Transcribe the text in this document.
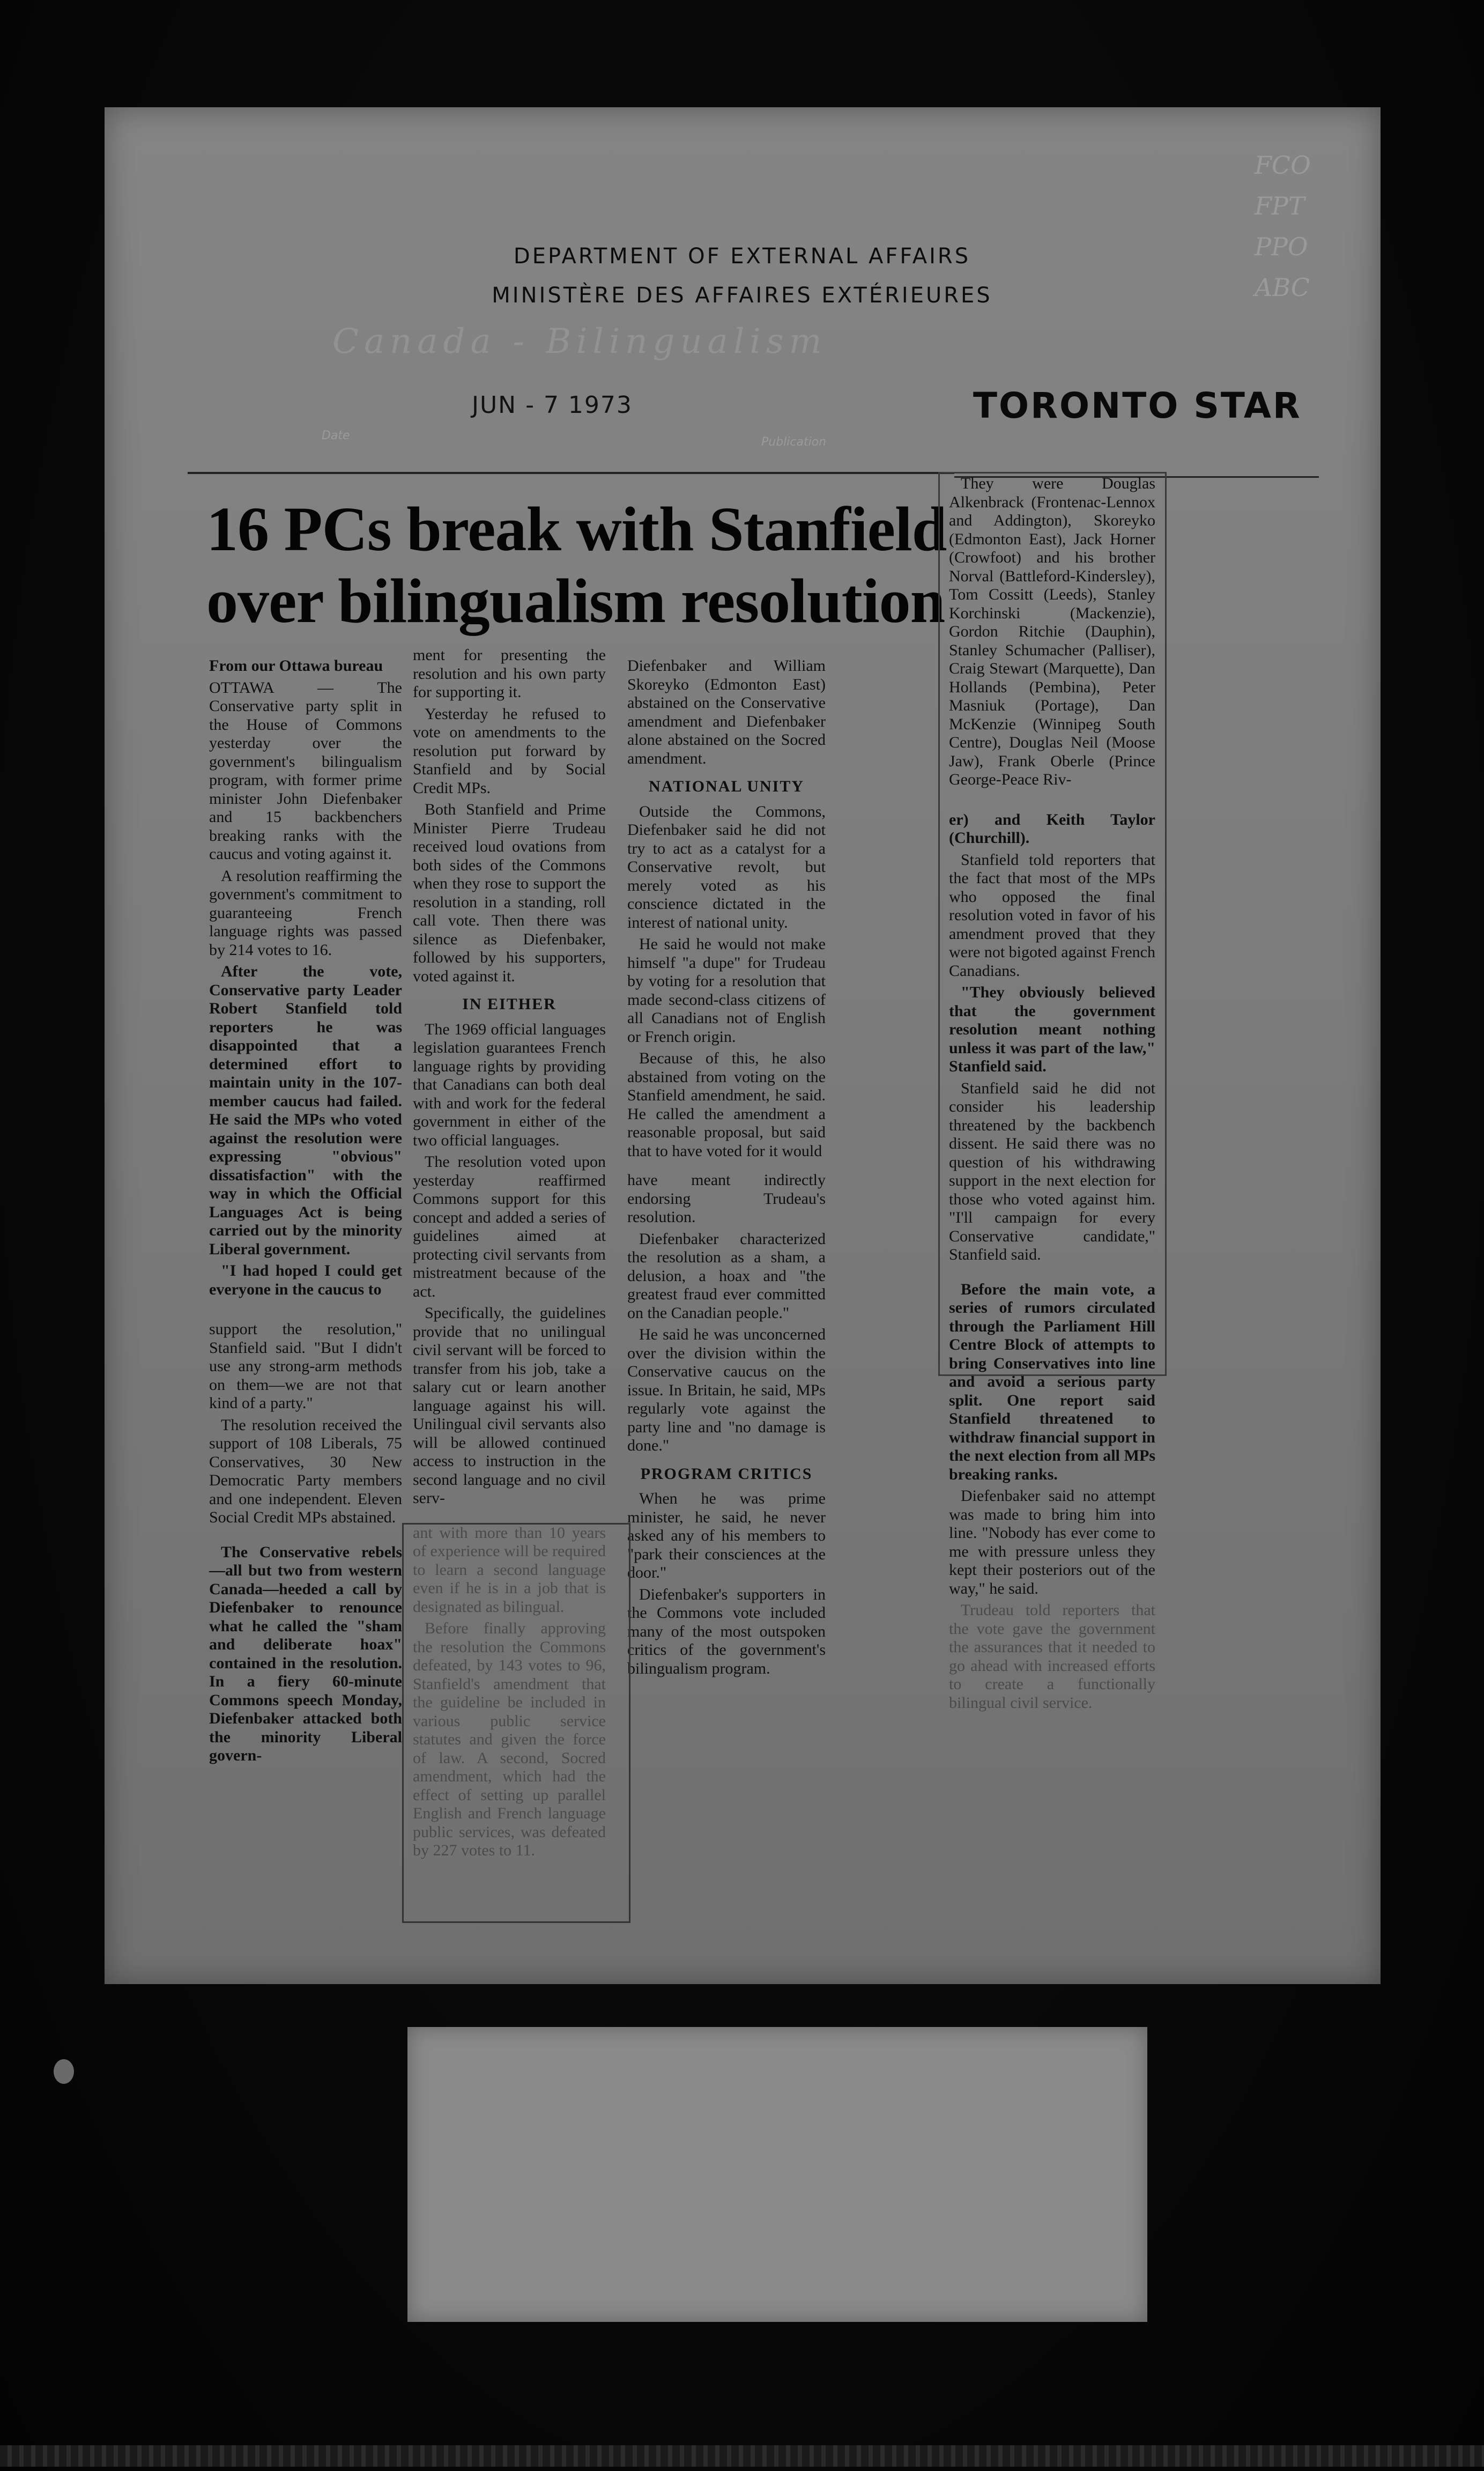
DEPARTMENT OF EXTERNAL AFFAIRS
MINISTÈRE DES AFFAIRES EXTÉRIEURES
Canada - Bilingualism
FCO
FPT
PPO
ABC
JUN - 7 1973
Date	Publication
TORONTO STAR
16 PCs break with Stanfield
over bilingualism resolution

From our Ottawa bureau

OTTAWA — The Conservative party split in the House of Commons yesterday over the government's bilingualism program, with former prime minister John Diefenbaker and 15 backbenchers breaking ranks with the caucus and voting against it.

A resolution reaffirming the government's commitment to guaranteeing French language rights was passed by 214 votes to 16.

After the vote, Conservative party Leader Robert Stanfield told reporters he was disappointed that a determined effort to maintain unity in the 107-member caucus had failed. He said the MPs who voted against the resolution were expressing "obvious" dissatisfaction" with the way in which the Official Languages Act is being carried out by the minority Liberal government.

"I had hoped I could get everyone in the caucus to

support the resolution," Stanfield said. "But I didn't use any strong-arm methods on them—we are not that kind of a party."

The resolution received the support of 108 Liberals, 75 Conservatives, 30 New Democratic Party members and one independent. Eleven Social Credit MPs abstained.

The Conservative rebels —all but two from western Canada—heeded a call by Diefenbaker to renounce what he called the "sham and deliberate hoax" contained in the resolution. In a fiery 60-minute Commons speech Monday, Diefenbaker attacked both the minority Liberal govern-

ment for presenting the resolution and his own party for supporting it.

Yesterday he refused to vote on amendments to the resolution put forward by Stanfield and by Social Credit MPs.

Both Stanfield and Prime Minister Pierre Trudeau received loud ovations from both sides of the Commons when they rose to support the resolution in a standing, roll call vote. Then there was silence as Diefenbaker, followed by his supporters, voted against it.

IN EITHER

The 1969 official languages legislation guarantees French language rights by providing that Canadians can both deal with and work for the federal government in either of the two official languages.

The resolution voted upon yesterday reaffirmed Commons support for this concept and added a series of guidelines aimed at protecting civil servants from mistreatment because of the act.

Specifically, the guidelines provide that no unilingual civil servant will be forced to transfer from his job, take a salary cut or learn another language against his will. Unilingual civil servants also will be allowed continued access to instruction in the second language and no civil serv-

ant with more than 10 years of experience will be required to learn a second language even if he is in a job that is designated as bilingual.

Before finally approving the resolution the Commons defeated, by 143 votes to 96, Stanfield's amendment that the guideline be included in various public service statutes and given the force of law. A second, Socred amendment, which had the effect of setting up parallel English and French language public services, was defeated by 227 votes to 11.

Diefenbaker and William Skoreyko (Edmonton East) abstained on the Conservative amendment and Diefenbaker alone abstained on the Socred amendment.

NATIONAL UNITY

Outside the Commons, Diefenbaker said he did not try to act as a catalyst for a Conservative revolt, but merely voted as his conscience dictated in the interest of national unity.

He said he would not make himself "a dupe" for Trudeau by voting for a resolution that made second-class citizens of all Canadians not of English or French origin.

Because of this, he also abstained from voting on the Stanfield amendment, he said. He called the amendment a reasonable proposal, but said that to have voted for it would

have meant indirectly endorsing Trudeau's resolution.

Diefenbaker characterized the resolution as a sham, a delusion, a hoax and "the greatest fraud ever committed on the Canadian people."

He said he was unconcerned over the division within the Conservative caucus on the issue. In Britain, he said, MPs regularly vote against the party line and "no damage is done."

PROGRAM CRITICS

When he was prime minister, he said, he never asked any of his members to "park their consciences at the door."

Diefenbaker's supporters in the Commons vote included many of the most outspoken critics of the government's bilingualism program.

They were Douglas Alkenbrack (Frontenac-Lennox and Addington), Skoreyko (Edmonton East), Jack Horner (Crowfoot) and his brother Norval (Battleford-Kindersley), Tom Cossitt (Leeds), Stanley Korchinski (Mackenzie), Gordon Ritchie (Dauphin), Stanley Schumacher (Palliser), Craig Stewart (Marquette), Dan Hollands (Pembina), Peter Masniuk (Portage), Dan McKenzie (Winnipeg South Centre), Douglas Neil (Moose Jaw), Frank Oberle (Prince George-Peace Riv-

er) and Keith Taylor (Churchill).

Stanfield told reporters that the fact that most of the MPs who opposed the final resolution voted in favor of his amendment proved that they were not bigoted against French Canadians.

"They obviously believed that the government resolution meant nothing unless it was part of the law," Stanfield said.

Stanfield said he did not consider his leadership threatened by the backbench dissent. He said there was no question of his withdrawing support in the next election for those who voted against him. "I'll campaign for every Conservative candidate," Stanfield said.

Before the main vote, a series of rumors circulated through the Parliament Hill Centre Block of attempts to bring Conservatives into line and avoid a serious party split. One report said Stanfield threatened to withdraw financial support in the next election from all MPs breaking ranks.

Diefenbaker said no attempt was made to bring him into line. "Nobody has ever come to me with pressure unless they kept their posteriors out of the way," he said.

Trudeau told reporters that the vote gave the government the assurances that it needed to go ahead with increased efforts to create a functionally bilingual civil service.
